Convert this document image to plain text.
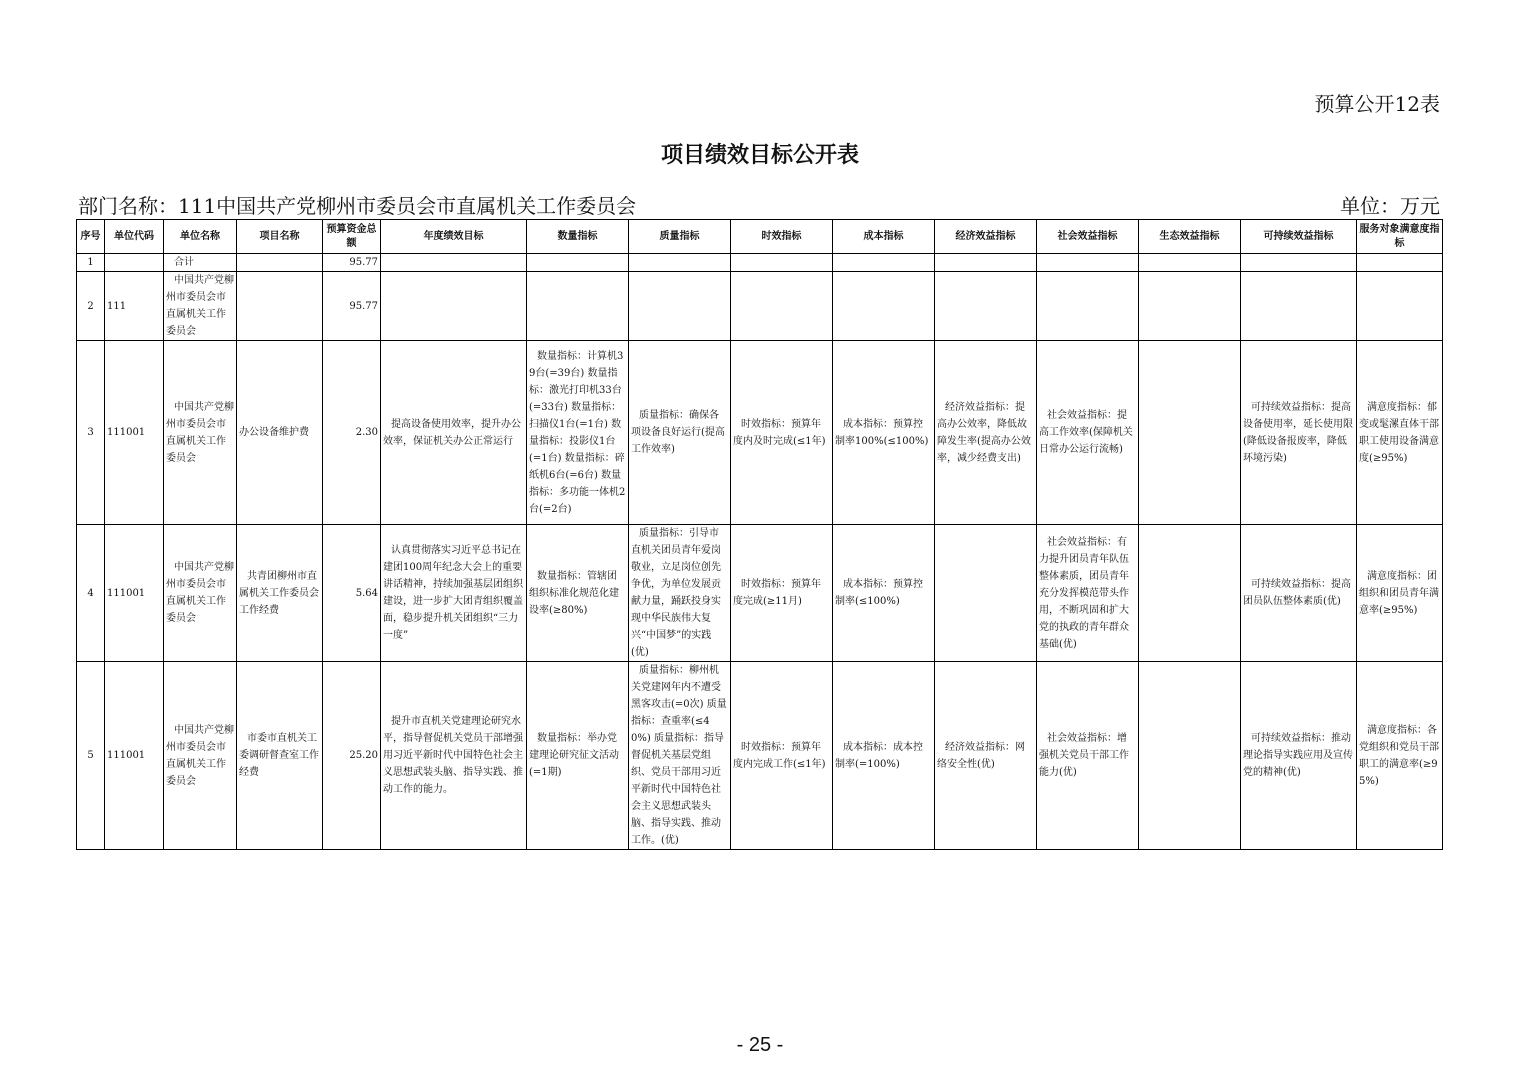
预算公开12表
项目绩效目标公开表
部门名称：111中国共产党柳州市委员会市直属机关工作委员会	单位：万元
序号	单位代码	单位名称	项目名称	预算资金总额	年度绩效目标	数量指标	质量指标	时效指标	成本指标	经济效益指标	社会效益指标	生态效益指标	可持续效益指标	服务对象满意度指标
1		合计		95.77										
2	111	中国共产党柳州市委员会市直属机关工作委员会		95.77										
3	111001	中国共产党柳州市委员会市直属机关工作委员会	办公设备维护费	2.30	提高设备使用效率，提升办公效率，保证机关办公正常运行	数量指标：计算机39台(=39台) 数量指标：激光打印机33台(=33台) 数量指标：扫描仪1台(=1台) 数量指标：投影仪1台(=1台) 数量指标：碎纸机6台(=6台) 数量指标：多功能一体机2台(=2台)	质量指标：确保各项设备良好运行(提高工作效率)	时效指标：预算年度内及时完成(≤1年)	成本指标：预算控制率100%(≤100%)	经济效益指标：提高办公效率，降低故障发生率(提高办公效率，减少经费支出)	社会效益指标：提高工作效率(保障机关日常办公运行流畅)		可持续效益指标：提高设备使用率，延长使用限(降低设备报废率，降低环境污染)	满意度指标：郁变或髦漯直体干部职工使用设备满意度(≥95%)
4	111001	中国共产党柳州市委员会市直属机关工作委员会	共青团柳州市直属机关工作委员会工作经费	5.64	认真贯彻落实习近平总书记在建团100周年纪念大会上的重要讲话精神，持续加强基层团组织建设，进一步扩大团青组织覆盖面，稳步提升机关团组织“三力一度”	数量指标：管辖团组织标准化规范化建设率(≥80%)	质量指标：引导市直机关团员青年爱岗敬业，立足岗位创先争优，为单位发展贡献力量，踊跃投身实现中华民族伟大复兴“中国梦”的实践(优)	时效指标：预算年度完成(≥11月)	成本指标：预算控制率(≤100%)		社会效益指标：有力提升团员青年队伍整体素质，团员青年充分发挥模范带头作用，不断巩固和扩大党的执政的青年群众基础(优)		可持续效益指标：提高团员队伍整体素质(优)	满意度指标：团组织和团员青年满意率(≥95%)
5	111001	中国共产党柳州市委员会市直属机关工作委员会	市委市直机关工委调研督查室工作经费	25.20	提升市直机关党建理论研究水平，指导督促机关党员干部增强用习近平新时代中国特色社会主义思想武装头脑、指导实践、推动工作的能力。	数量指标：举办党建理论研究征文活动(=1期)	质量指标：柳州机关党建网年内不遭受黑客攻击(=0次) 质量指标：查重率(≤40%) 质量指标：指导督促机关基层党组织、党员干部用习近平新时代中国特色社会主义思想武装头脑、指导实践、推动工作。(优)	时效指标：预算年度内完成工作(≤1年)	成本指标：成本控制率(=100%)	经济效益指标：网络安全性(优)	社会效益指标：增强机关党员干部工作能力(优)		可持续效益指标：推动理论指导实践应用及宣传党的精神(优)	满意度指标：各党组织和党员干部职工的满意率(≥95%)
- 25 -
